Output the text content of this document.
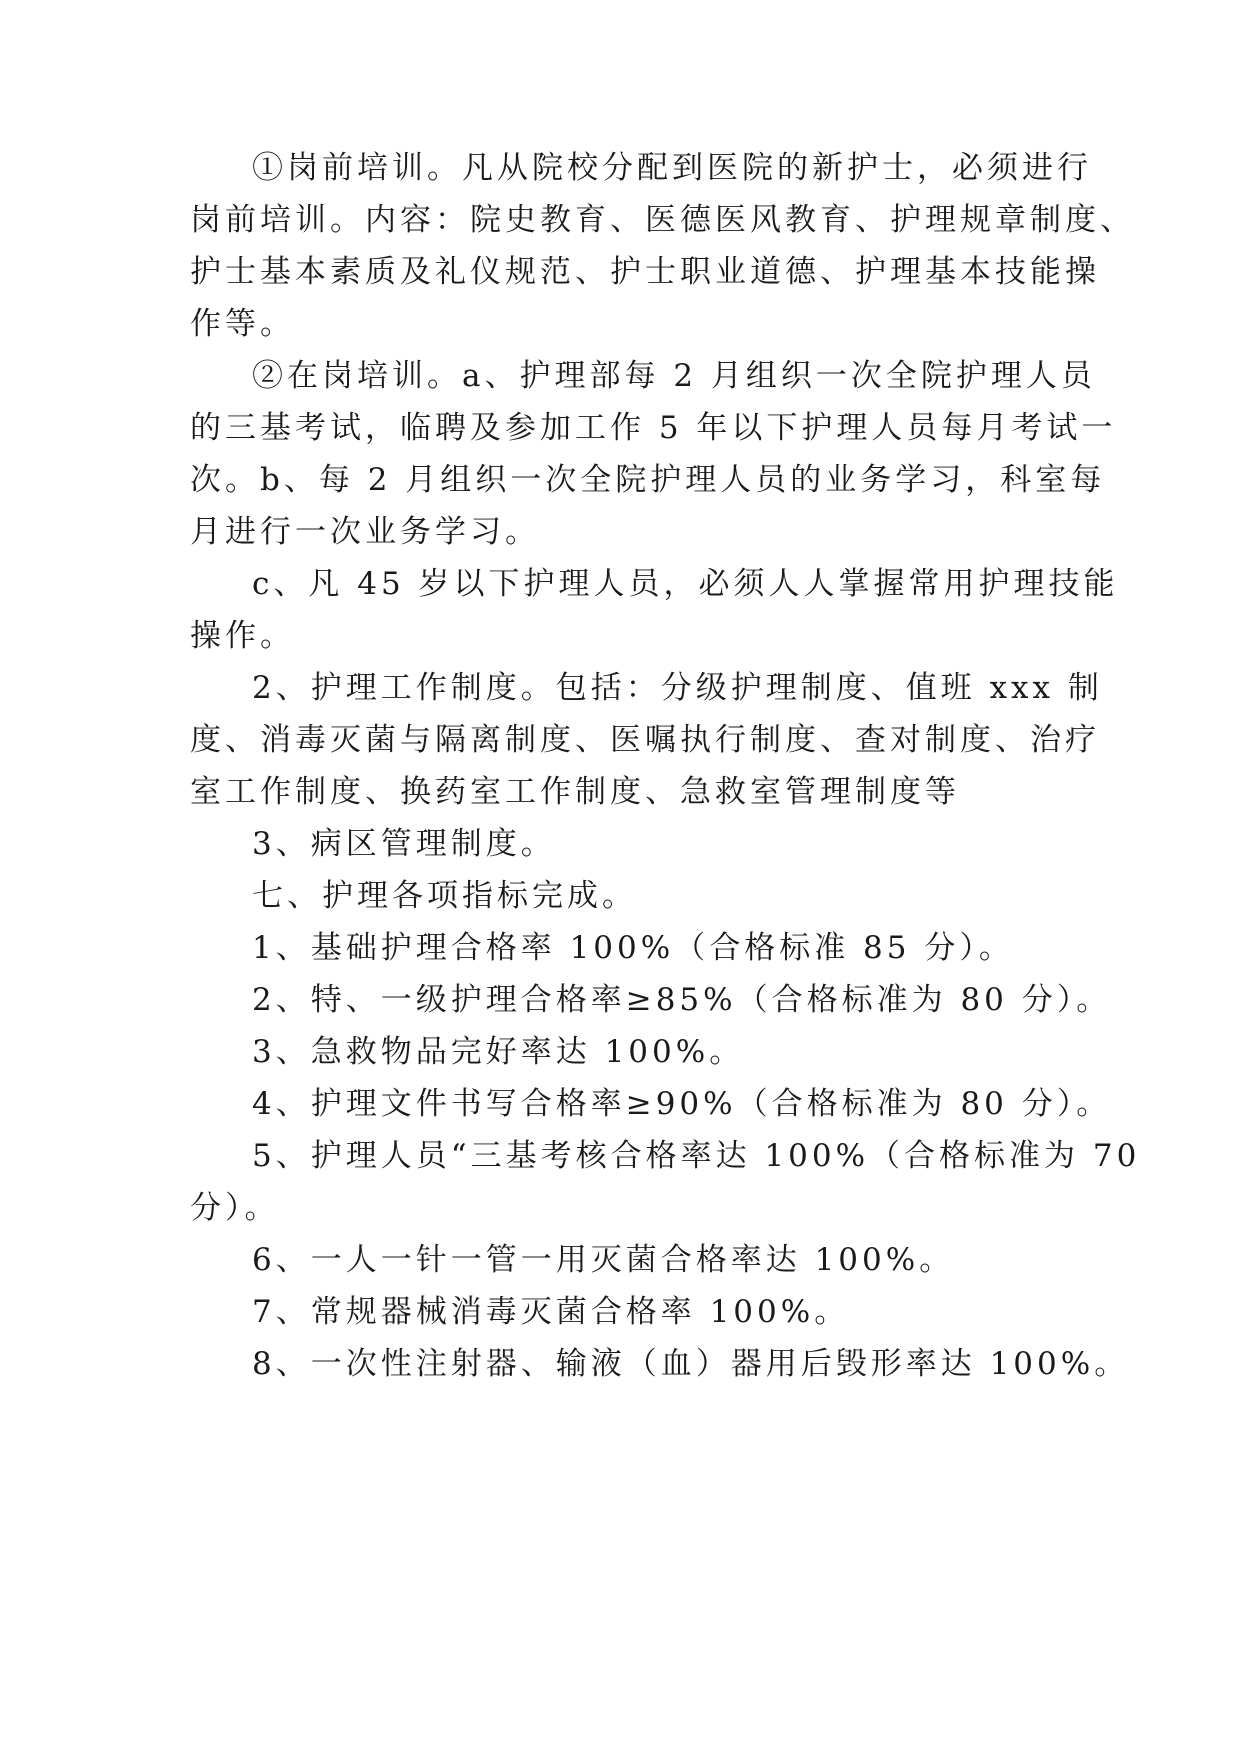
①岗前培训。凡从院校分配到医院的新护士，必须进行
岗前培训。内容：院史教育、医德医风教育、护理规章制度、
护士基本素质及礼仪规范、护士职业道德、护理基本技能操
作等。
②在岗培训。a、护理部每 2 月组织一次全院护理人员
的三基考试，临聘及参加工作 5 年以下护理人员每月考试一
次。b、每 2 月组织一次全院护理人员的业务学习，科室每
月进行一次业务学习。
c、凡 45 岁以下护理人员，必须人人掌握常用护理技能
操作。
2、护理工作制度。包括：分级护理制度、值班 xxx 制
度、消毒灭菌与隔离制度、医嘱执行制度、查对制度、治疗
室工作制度、换药室工作制度、急救室管理制度等
3、病区管理制度。
七、护理各项指标完成。
1、基础护理合格率 100%（合格标准 85 分）。
2、特、一级护理合格率≥85%（合格标准为 80 分）。
3、急救物品完好率达 100%。
4、护理文件书写合格率≥90%（合格标准为 80 分）。
5、护理人员“三基考核合格率达 100%（合格标准为 70
分）。
6、一人一针一管一用灭菌合格率达 100%。
7、常规器械消毒灭菌合格率 100%。
8、一次性注射器、输液（血）器用后毁形率达 100%。
